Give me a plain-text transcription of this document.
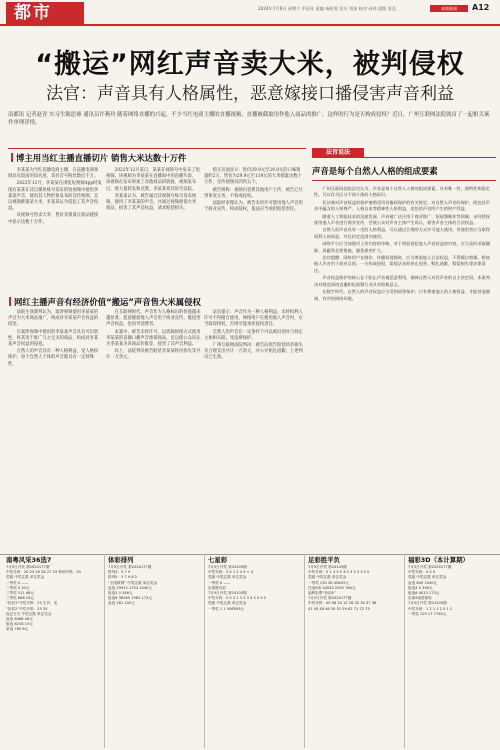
都市	2024年7月6日 星期六 甲辰年 责编 杨佑雯 设计 刘苗 校对 孙玮 组版 张弘	本地新闻	A12
“搬运”网红声音卖大米，被判侵权
法官：声音具有人格属性，恶意嫁接口播侵害声音利益
南都讯 记者赵青 实习生陈思睿 通讯员许燕玲 随着网络直播的兴起，不少当红电商主播的直播视频、直播被截取用作他人商品的推广，这样的行为是否构成侵权？近日，广州互联网法院就首了一起相关案件审理详情。
博主用当红主播直播切片 销售大米达数十万件

李某某为当红直播电商主播，在直播电商领域具有较高的知名度，其抖音号粉丝数近千万。

2022年12月，李某某在浏览短视频App时发现有某某在其自媒体账号发布的短视频中使用李某某声音，使用其人物形象发布的宣传视频，且以视频推销某大米，李某某认为侵犯了其声音权益。

该视频号售卖大米，售价及销量在商品链接中显示达数十万件。

2022年12月某日，某某在视频号中发布了短视频。该视频为李某某在直播间中的直播片段，该视频在发布时加了其他商品的链接，视频发布后，被大量转发和点赞，李某某将其诉至法院。

李某某认为，被告通过其视频号账号发布视频，使用了李某某的声音，并通过视频推销大米商品，损害了其声音权益，请求赔偿损失。

购买页面显示：售价29.9元至29.9元的口味销量约2万，售价为29.9元至119元的大米销量达数十万件，宣传视频有四到五个。

被告辩称：视频内容系其他用户上传，被告已尽到审查义务，不构成侵权。

法院经审理认为，被告未经许可使用他人声音用于商业宣传，构成侵权，依法应当承担赔偿责任。

网红主播声音有经济价值“搬运”声音售大米属侵权

法院生效裁判认为，案涉视频使用李某某的声音为大米商品推广，构成对李某某声音权益的侵害。

在案涉视频中使用的李某某声音具有可识别性，将其用于推广与之无关的商品，构成对李某某声音权益的侵犯。

自然人的声音具有一种人格利益，受人格权保护。每个自然人个体的声音都具有一定特殊性。

在互联网时代，声音作为人格标识的价值越来越显著。恶意嫁接他人声音用于商业宣传，既侵害声音权益，也误导消费者。

本案中，被告未经许可，以剪辑拼接方式使用李某某的直播口播声音推销商品，足以使公众误认为李某某为该商品作推荐，侵害了其声音利益。

综上，法院判决被告赔偿李某某经济损失等共计一万余元。

法官提示：声音作为一种人格利益，未经权利人许可不得擅自使用。网络用户在使用他人声音时，应当取得授权，否则可能承担侵权责任。

自然人的声音在一定条件下可以被识别并与特定主体相关联，受法律保护。

广州互联网法院判决：被告向原告赔偿经济损失及合理支出共计一万余元，并公开赔礼道歉。上述判决已生效。

法官说法
声音是每个自然人人格的组成要素

广州互联网法院法官认为，声音是每个自然人人格的组成要素，具有唯一性、独特性和稳定性，可以作为区分不同个体的人格标识。

民法典对声音权益的保护参照适用肖像权保护的有关规定。对自然人声音的保护，既包括声音中蕴含的人格尊严、人格自由等精神性人格利益，也包括声音所产生的财产利益。

随着人工智能技术的迅速发展，声音被广泛应用于商业推广、短视频制作等领域。未经授权使用他人声音进行商业宣传，会使公众对声音主体产生误认，损害声音主体的合法权益。

自然人的声音具有一定的人格利益，可以通过合理的方式许可他人使用。但使用者应当取得权利人的同意，并在约定范围内使用。

网络平台应当加强对上传内容的审核，对于明显侵犯他人声音权益的内容，应当及时采取删除、屏蔽等必要措施，避免损害扩大。

法官提醒：网络用户在制作、传播短视频时，应当尊重他人合法权益，不得擅自剪辑、拼接他人声音用于商业目的。一旦构成侵权，需依法承担停止侵害、赔礼道歉、赔偿损失等法律责任。

声音权益保护的核心在于防止声音被恶意利用，保障自然人对其声音的自主决定权。本案判决对规范网络直播和短视频行业具有积极意义。

在数字时代，自然人的声音权益应当受到同等保护。只有尊重他人的人格权益，才能营造健康、有序的网络环境。

南粤风采36选7
7月5日开奖 第2024177期
中奖号码：20 25 26 28 27 33 特别号码：29
奖级 中奖注数 单注奖金
一等奖 0 ——
二等奖 5 34元
三等奖 511 68元
三等奖 688 28元
“好彩1”中奖号码：25 生肖：龙
“好彩2”中奖号码：25 33
投注方式 中奖注数 单注奖金
直选 6468 46元
组选 6218 13元
单选 785 6元
体彩排列
7月5日开奖 第2024177期
排列3：5 7 9
排列5：5 7 9 8 2
“全国联网” 中奖注数 单注奖金
直选 29912 1754 1040元
组选3 0 346元
组选6 38065 1982 173元
直选 181 105元
七星彩
7月5日开奖 第24105期
中奖号码：2 4 1 2 4 9 + 4
奖级 中奖注数 单注奖金
一等奖 0 ——
足球胜负彩
7月5日开奖 第24105期
中奖号码：0 0 3 1 3 3 3 3 3 0 0 0
奖级 中奖注数 单注奖金
一等奖 1 1 598593元
足彩胜平负
7月5日开奖 第24105期
中奖号码：0 1 3 3 0 3 0 3 3 3 3 0 0
奖级 中奖注数 单注奖金
一等奖 130 38 45843元
任选9场 10033 2055 764元
福利彩票“快乐8”
7月5日开奖 第2024177期
中奖号码：09 06 24 15 28 32 34 37 38
41 45 48 46 50 51 59 62 71 72 75
福彩3D（本计算期）
7月5日开奖 第2024177期
中奖号码：4 5 9
奖级 中奖注数 单注奖金
直选 849 1040元
组选3 0 346元
组选6 4013 173元
足球4场进球彩
7月5日开奖 第24105期
中奖号码：1 2 1 1 2 0 1 2
一等奖 129 17 7762元
